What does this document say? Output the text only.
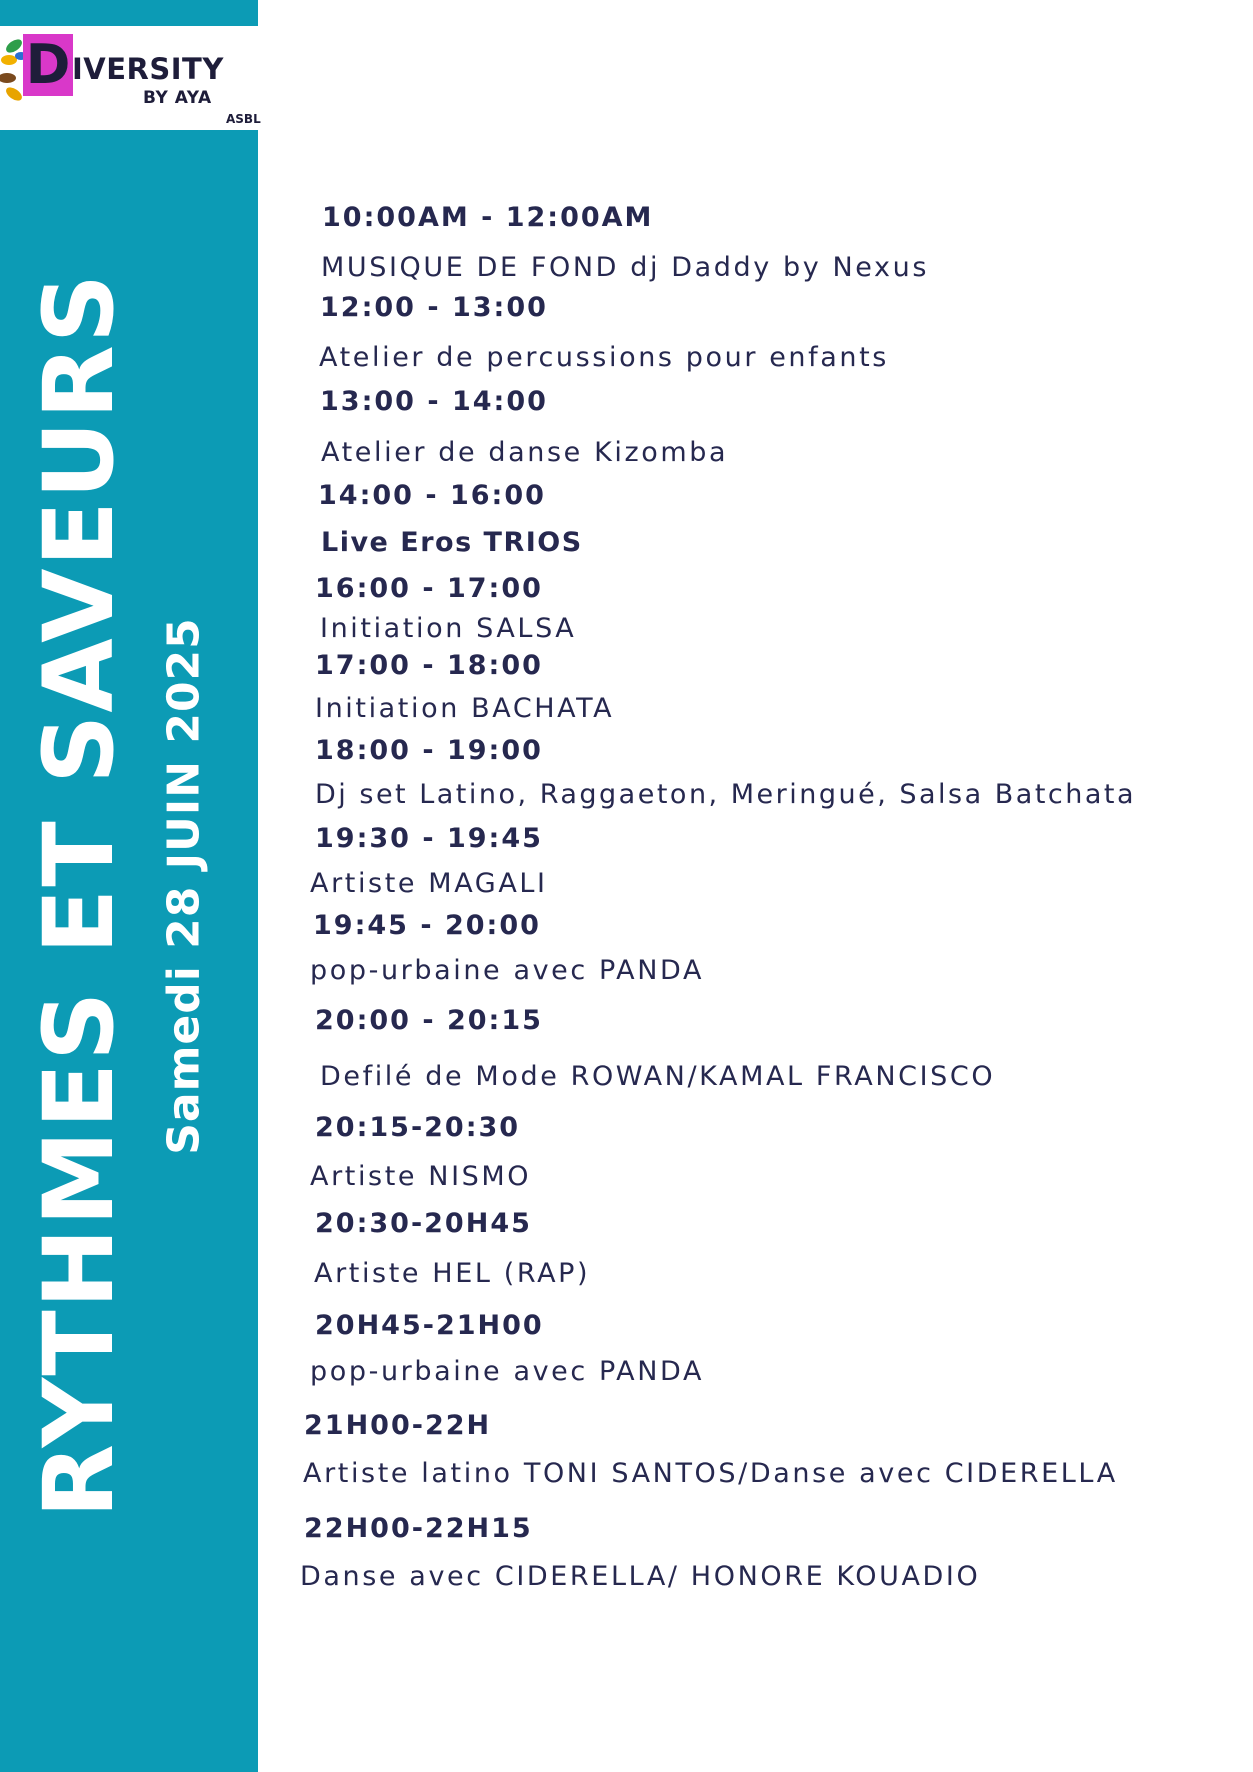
D IVERSITY
BY AYA
ASBL
RYTHMES ET SAVEURS Samedi 28 JUIN 2025
10:00AM - 12:00AM
MUSIQUE DE FOND dj Daddy by Nexus
12:00 - 13:00
Atelier de percussions pour enfants
13:00 - 14:00
Atelier de danse Kizomba
14:00 - 16:00
Live Eros TRIOS
16:00 - 17:00
Initiation SALSA
17:00 - 18:00
Initiation BACHATA
18:00 - 19:00
Dj set Latino, Raggaeton, Meringué, Salsa Batchata
19:30 - 19:45
Artiste MAGALI
19:45 - 20:00
pop-urbaine avec PANDA
20:00 - 20:15
Defilé de Mode ROWAN/KAMAL FRANCISCO
20:15-20:30
Artiste NISMO
20:30-20H45
Artiste HEL (RAP)
20H45-21H00
pop-urbaine avec PANDA
21H00-22H
Artiste latino TONI SANTOS/Danse avec CIDERELLA
22H00-22H15
Danse avec CIDERELLA/ HONORE KOUADIO
